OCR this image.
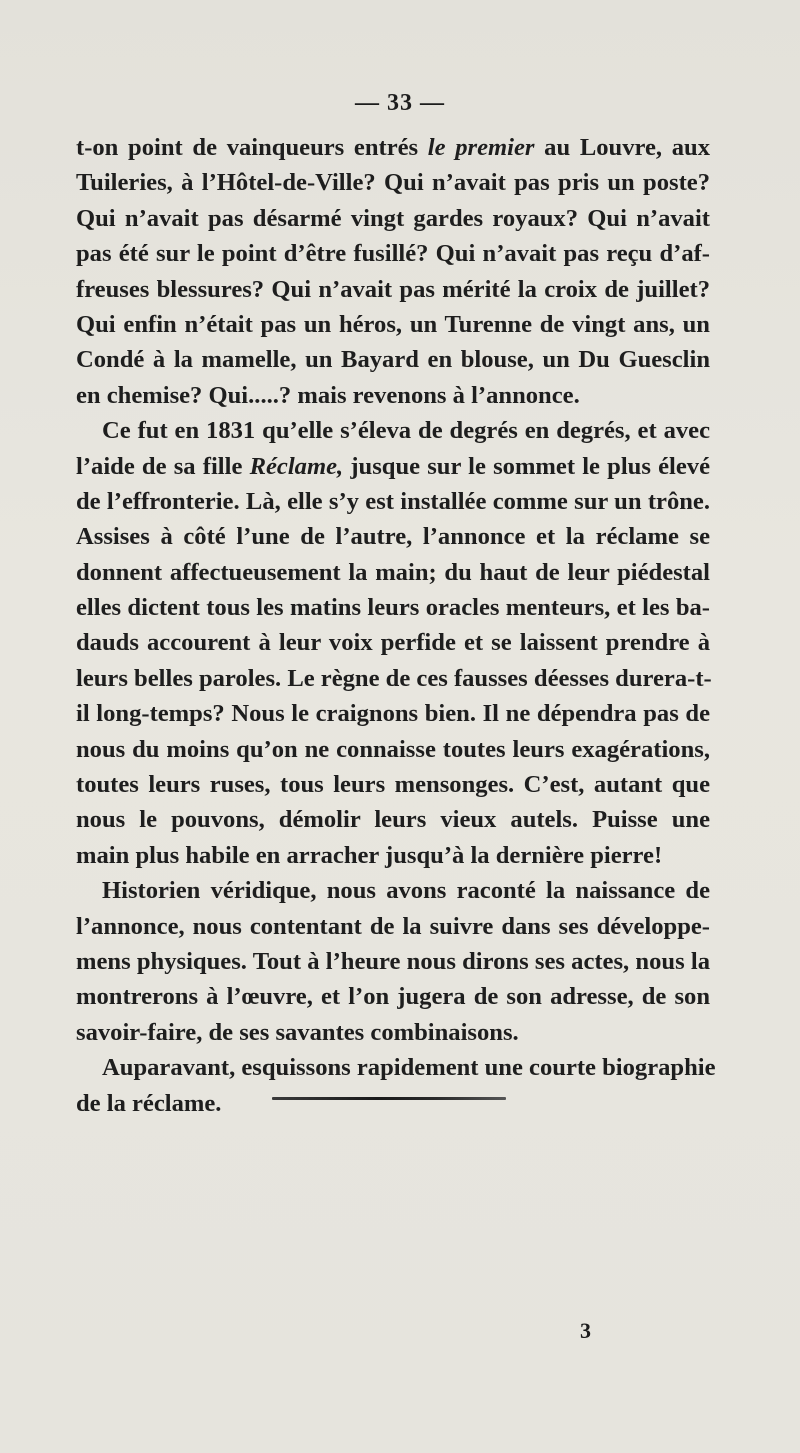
— 33 —
t-on point de vainqueurs entrés le premier au Louvre, aux
Tuileries, à l’Hôtel-de-Ville? Qui n’avait pas pris un poste?
Qui n’avait pas désarmé vingt gardes royaux? Qui n’avait
pas été sur le point d’être fusillé? Qui n’avait pas reçu d’af-
freuses blessures? Qui n’avait pas mérité la croix de juillet?
Qui enfin n’était pas un héros, un Turenne de vingt ans, un
Condé à la mamelle, un Bayard en blouse, un Du Guesclin
en chemise? Qui.....? mais revenons à l’annonce.
Ce fut en 1831 qu’elle s’éleva de degrés en degrés, et avec
l’aide de sa fille Réclame, jusque sur le sommet le plus élevé
de l’effronterie. Là, elle s’y est installée comme sur un trône.
Assises à côté l’une de l’autre, l’annonce et la réclame se
donnent affectueusement la main; du haut de leur piédestal
elles dictent tous les matins leurs oracles menteurs, et les ba-
dauds accourent à leur voix perfide et se laissent prendre à
leurs belles paroles. Le règne de ces fausses déesses durera-t-
il long-temps? Nous le craignons bien. Il ne dépendra pas de
nous du moins qu’on ne connaisse toutes leurs exagérations,
toutes leurs ruses, tous leurs mensonges. C’est, autant que
nous le pouvons, démolir leurs vieux autels. Puisse une
main plus habile en arracher jusqu’à la dernière pierre!
Historien véridique, nous avons raconté la naissance de
l’annonce, nous contentant de la suivre dans ses développe-
mens physiques. Tout à l’heure nous dirons ses actes, nous la
montrerons à l’œuvre, et l’on jugera de son adresse, de son
savoir-faire, de ses savantes combinaisons.
Auparavant, esquissons rapidement une courte biographie
de la réclame.
3
